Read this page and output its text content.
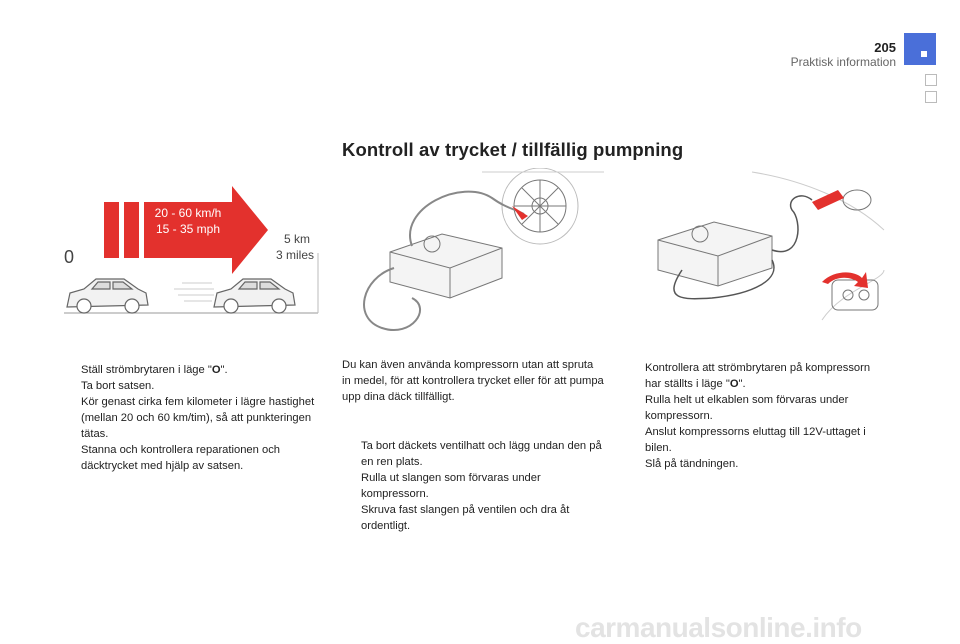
205
Praktisk information
Kontroll av trycket / tillfällig pumpning
20 - 60 km/h
15 - 35 mph
0
5 km
3 miles
Ställ strömbrytaren i läge "O".
Ta bort satsen.
Kör genast cirka fem kilometer i lägre hastighet (mellan 20 och 60 km/tim), så att punkteringen tätas.
Stanna och kontrollera reparationen och däcktrycket med hjälp av satsen.
Du kan även använda kompressorn utan att spruta in medel, för att kontrollera trycket eller för att pumpa upp dina däck tillfälligt.
Ta bort däckets ventilhatt och lägg undan den på en ren plats.
Rulla ut slangen som förvaras under kompressorn.
Skruva fast slangen på ventilen och dra åt ordentligt.
Kontrollera att strömbrytaren på kompressorn har ställts i läge "O".
Rulla helt ut elkablen som förvaras under kompressorn.
Anslut kompressorns eluttag till 12V-uttaget i bilen.
Slå på tändningen.
carmanualsonline.info
